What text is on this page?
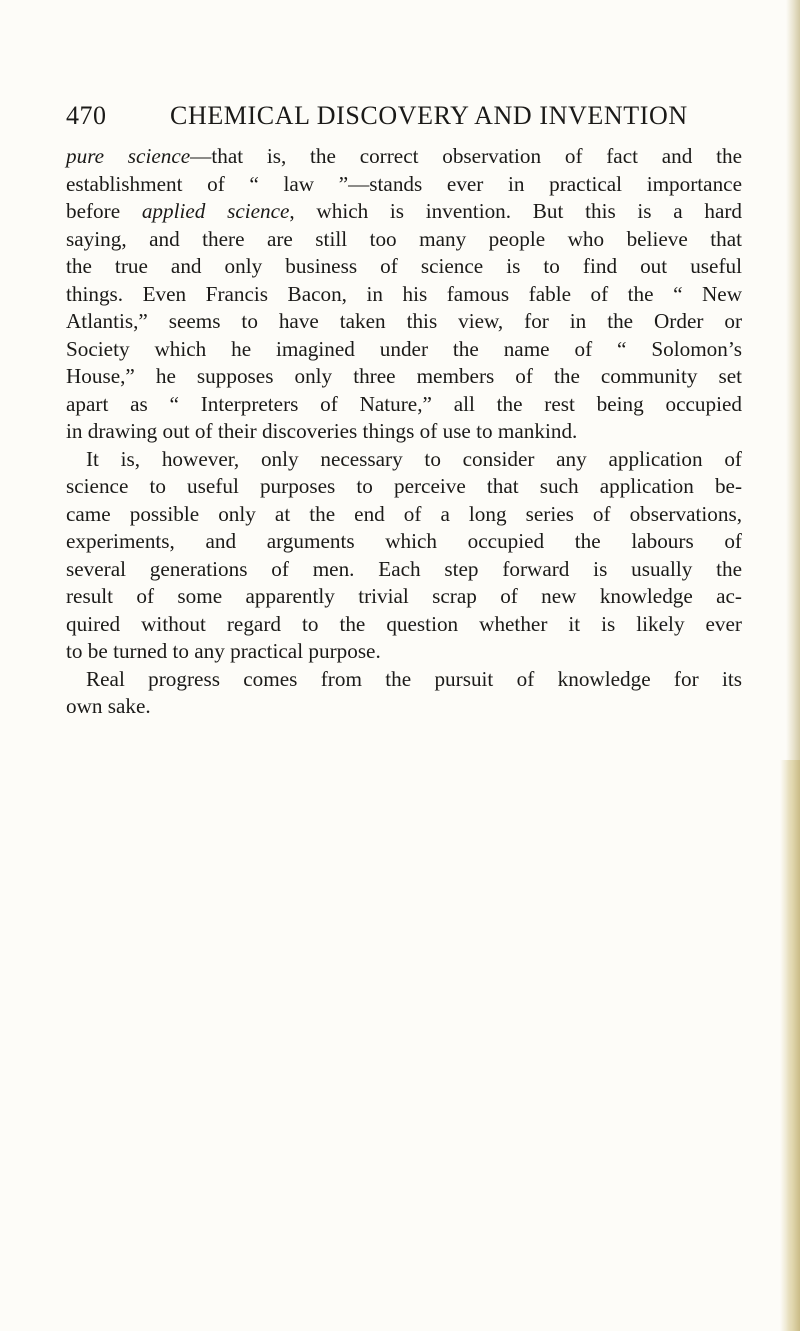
470 CHEMICAL DISCOVERY AND INVENTION
pure science—that is, the correct observation of fact and the
establishment of “ law ”—stands ever in practical importance
before applied science, which is invention. But this is a hard
saying, and there are still too many people who believe that
the true and only business of science is to find out useful
things. Even Francis Bacon, in his famous fable of the “ New
Atlantis,” seems to have taken this view, for in the Order or
Society which he imagined under the name of “ Solomon’s
House,” he supposes only three members of the community set
apart as “ Interpreters of Nature,” all the rest being occupied
in drawing out of their discoveries things of use to mankind.
It is, however, only necessary to consider any application of
science to useful purposes to perceive that such application be-
came possible only at the end of a long series of observations,
experiments, and arguments which occupied the labours of
several generations of men. Each step forward is usually the
result of some apparently trivial scrap of new knowledge ac-
quired without regard to the question whether it is likely ever
to be turned to any practical purpose.
Real progress comes from the pursuit of knowledge for its
own sake.
